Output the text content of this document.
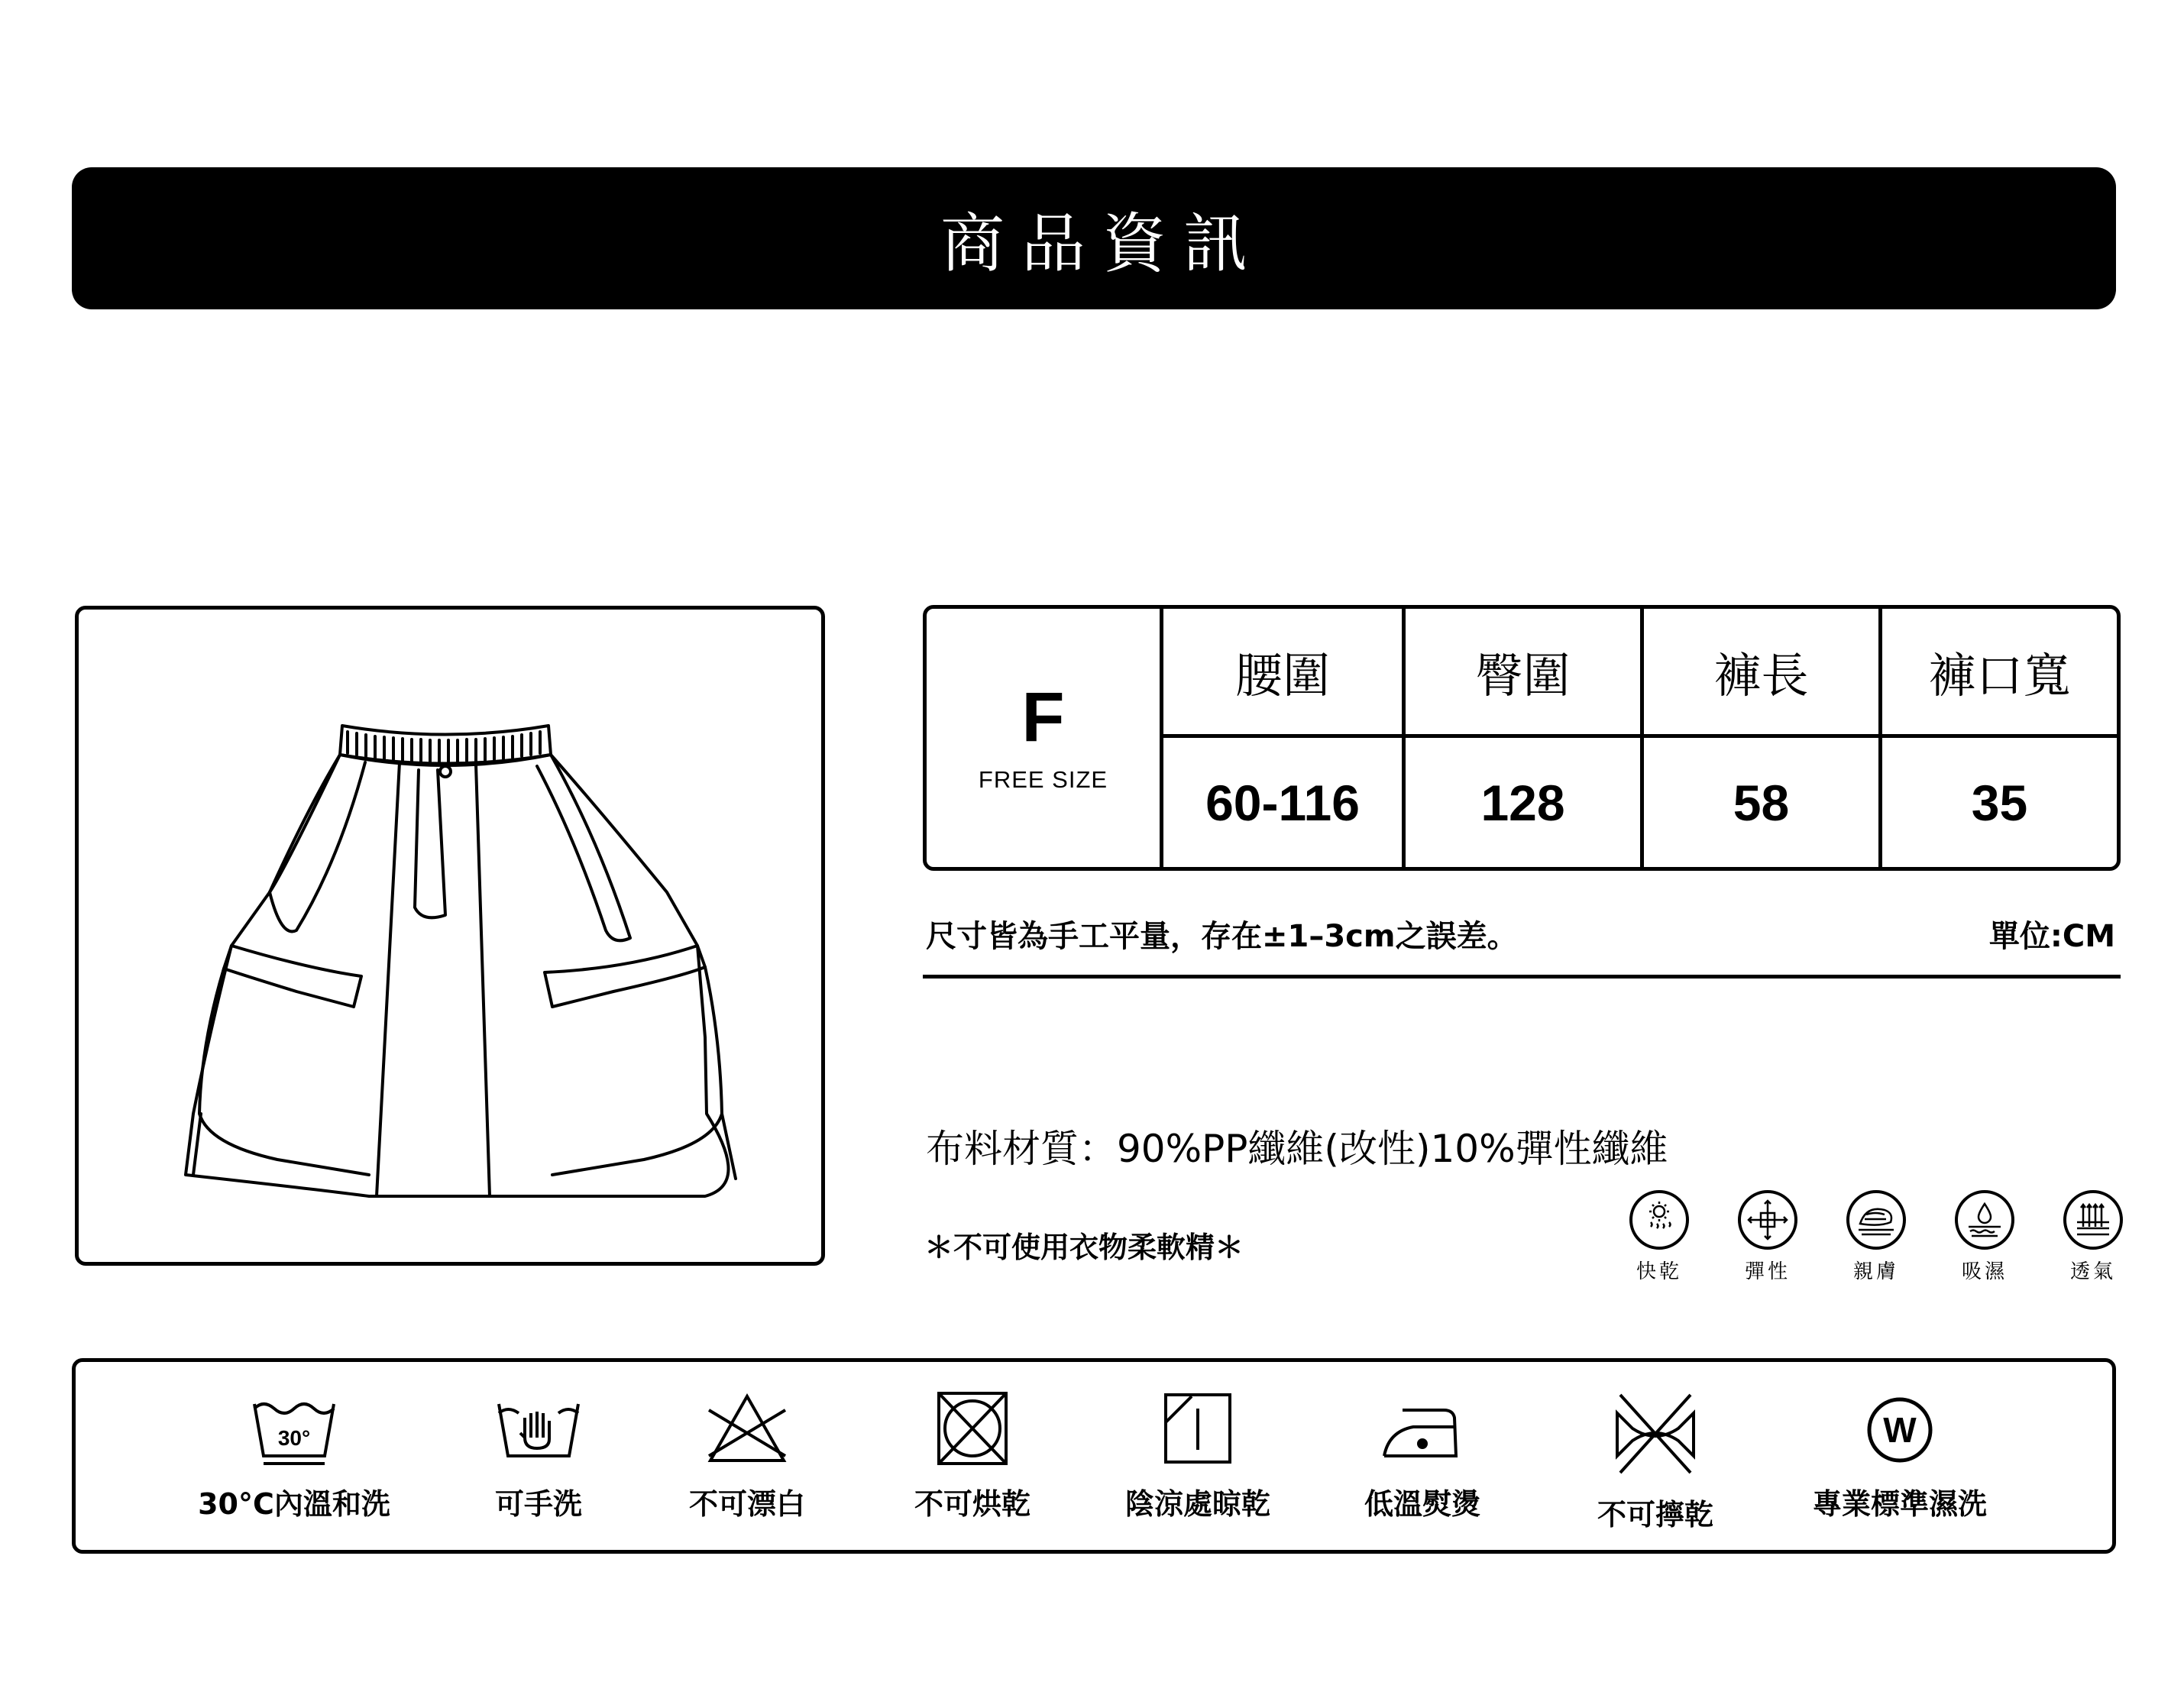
商品資訊
F
FREE SIZE
腰圍	臀圍	褲長	褲口寬
60-116	128	58	35
尺寸皆為手工平量，存在±1–3cm之誤差。	單位:CM
布料材質：90%PP纖維(改性)10%彈性纖維
＊不可使用衣物柔軟精＊
快乾	彈性	親膚	吸濕	透氣
30°
30°C內溫和洗	可手洗	不可漂白	不可烘乾	陰涼處晾乾	低溫熨燙	不可擰乾
W
專業標準濕洗
